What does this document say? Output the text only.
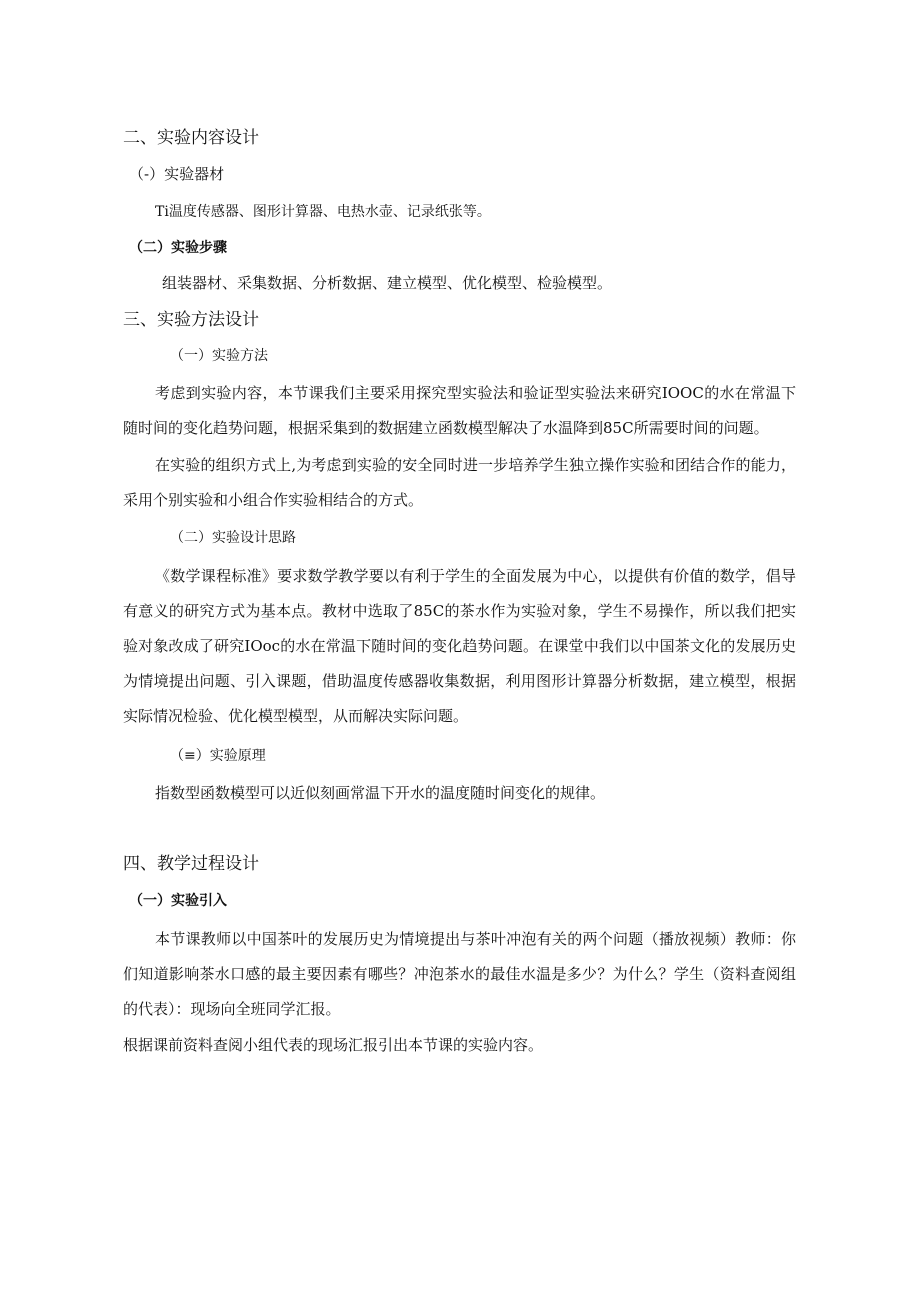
二、实验内容设计
（-）实验器材
Ti温度传感器、图形计算器、电热水壶、记录纸张等。
（二）实验步骤
组装器材、采集数据、分析数据、建立模型、优化模型、检验模型。
三、实验方法设计
（一）实验方法

考虑到实验内容，本节课我们主要采用探究型实验法和验证型实验法来研究IOOC的水在常温下随时间的变化趋势问题，根据采集到的数据建立函数模型解决了水温降到85C所需要时间的问题。

在实验的组织方式上,为考虑到实验的安全同时进一步培养学生独立操作实验和团结合作的能力，采用个别实验和小组合作实验相结合的方式。

（二）实验设计思路

《数学课程标准》要求数学教学要以有利于学生的全面发展为中心，以提供有价值的数学，倡导有意义的研究方式为基本点。教材中选取了85C的茶水作为实验对象，学生不易操作，所以我们把实验对象改成了研究IOoc的水在常温下随时间的变化趋势问题。在课堂中我们以中国茶文化的发展历史为情境提出问题、引入课题，借助温度传感器收集数据，利用图形计算器分析数据，建立模型，根据实际情况检验、优化模型模型，从而解决实际问题。

（≡）实验原理

指数型函数模型可以近似刻画常温下开水的温度随时间变化的规律。

四、教学过程设计
（一）实验引入

本节课教师以中国茶叶的发展历史为情境提出与茶叶冲泡有关的两个问题（播放视频）教师：你们知道影响茶水口感的最主要因素有哪些？冲泡茶水的最佳水温是多少？为什么？学生（资料查阅组的代表）：现场向全班同学汇报。

根据课前资料查阅小组代表的现场汇报引出本节课的实验内容。
